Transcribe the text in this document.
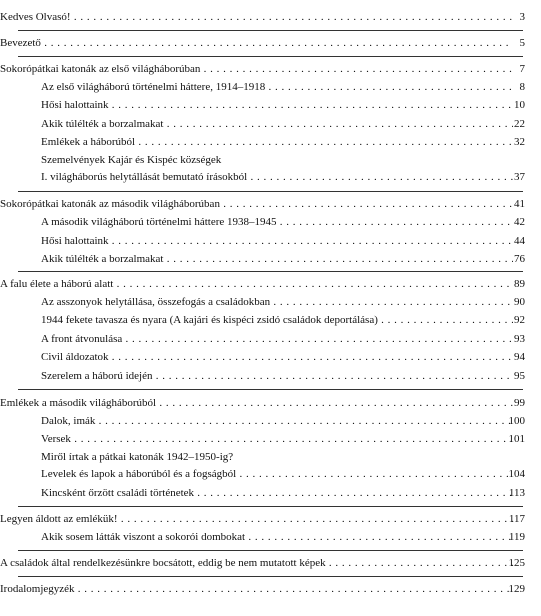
Kedves Olvasó! . . .	3
Bevezető . . .	5
Sokorópátkai katonák az első világháborúban . . .	7
Az első világháború történelmi háttere, 1914–1918 . . .	8
Hősi halottaink . . .	10
Akik túlélték a borzalmakat . . .	22
Emlékek a háborúból . . .	32
Szemelvények Kajár és Kispéc községek
I. világháborús helytállását bemutató írásokból . . .	37
Sokorópátkai katonák az második világháborúban . . .	41
A második világháború történelmi háttere 1938–1945 . . .	42
Hősi halottaink . . .	44
Akik túlélték a borzalmakat . . .	76
A falu élete a háború alatt . . .	89
Az asszonyok helytállása, összefogás a családokban . . .	90
1944 fekete tavasza és nyara (A kajári és kispéci zsidó családok deportálása) . . .	92
A front átvonulása . . .	93
Civil áldozatok . . .	94
Szerelem a háború idején . . .	95
Emlékek a második világháborúból . . .	99
Dalok, imák . . .	100
Versek . . .	101
Miről írtak a pátkai katonák 1942–1950-ig?
Levelek és lapok a háborúból és a fogságból . . .	104
Kincsként őrzött családi történetek . . .	113
Legyen áldott az emlékük! . . .	117
Akik sosem látták viszont a sokorói dombokat . . .	119
A családok által rendelkezésünkre bocsátott, eddig be nem mutatott képek . . .	125
Irodalomjegyzék . . .	129
